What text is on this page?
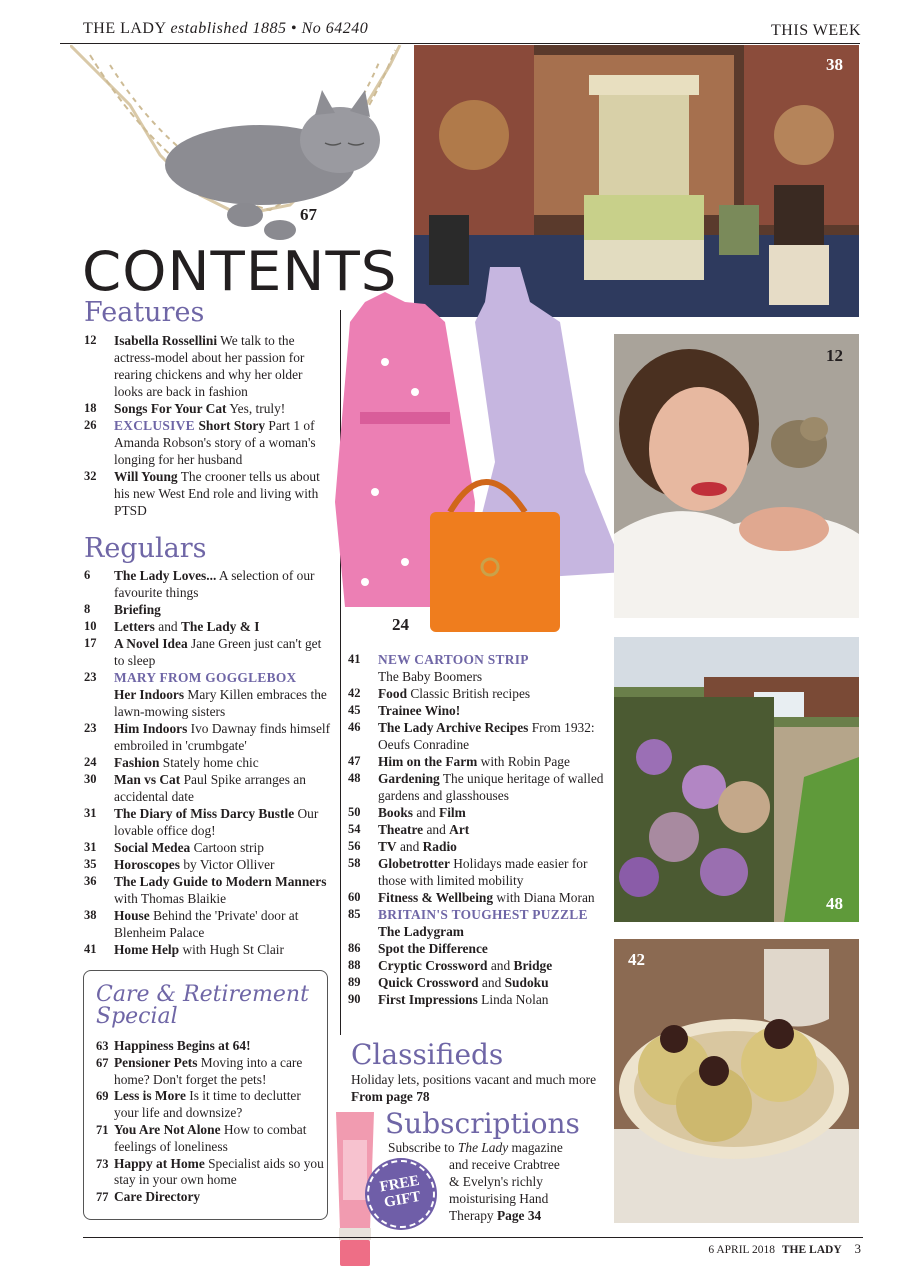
THE LADY established 1885 • No 64240	THIS WEEK
67
38
CONTENTS
Features
12	Isabella Rossellini We talk to the actress-model about her passion for rearing chickens and why her older looks are back in fashion
18	Songs For Your Cat Yes, truly!
26	EXCLUSIVE Short Story Part 1 of Amanda Robson's story of a woman's longing for her husband
32	Will Young The crooner tells us about his new West End role and living with PTSD
Regulars
6	The Lady Loves... A selection of our favourite things
8	Briefing
10	Letters and The Lady & I
17	A Novel Idea Jane Green just can't get to sleep
23	MARY FROM GOGGLEBOX
Her Indoors Mary Killen embraces the lawn-mowing sisters
23	Him Indoors Ivo Dawnay finds himself embroiled in 'crumbgate'
24	Fashion Stately home chic
30	Man vs Cat Paul Spike arranges an accidental date
31	The Diary of Miss Darcy Bustle Our lovable office dog!
31	Social Medea Cartoon strip
35	Horoscopes by Victor Olliver
36	The Lady Guide to Modern Manners with Thomas Blaikie
38	House Behind the 'Private' door at Blenheim Palace
41	Home Help with Hugh St Clair
24
12
48
42
41	NEW CARTOON STRIP
The Baby Boomers
42	Food Classic British recipes
45	Trainee Wino!
46	The Lady Archive Recipes From 1932: Oeufs Conradine
47	Him on the Farm with Robin Page
48	Gardening The unique heritage of walled gardens and glasshouses
50	Books and Film
54	Theatre and Art
56	TV and Radio
58	Globetrotter Holidays made easier for those with limited mobility
60	Fitness & Wellbeing with Diana Moran
85	BRITAIN'S TOUGHEST PUZZLE
The Ladygram
86	Spot the Difference
88	Cryptic Crossword and Bridge
89	Quick Crossword and Sudoku
90	First Impressions Linda Nolan
Care & Retirement
Special
63 Happiness Begins at 64!
67 Pensioner Pets Moving into a care home? Don't forget the pets!
69 Less is More Is it time to declutter your life and downsize?
71 You Are Not Alone How to combat feelings of loneliness
73 Happy at Home Specialist aids so you stay in your own home
77 Care Directory
FREE
GIFT
Classifieds
Holiday lets, positions vacant and much more From page 78
Subscriptions
Subscribe to The Lady magazine
and receive Crabtree
& Evelyn's richly
moisturising Hand
Therapy Page 34
6 APRIL 2018 THE LADY 3
